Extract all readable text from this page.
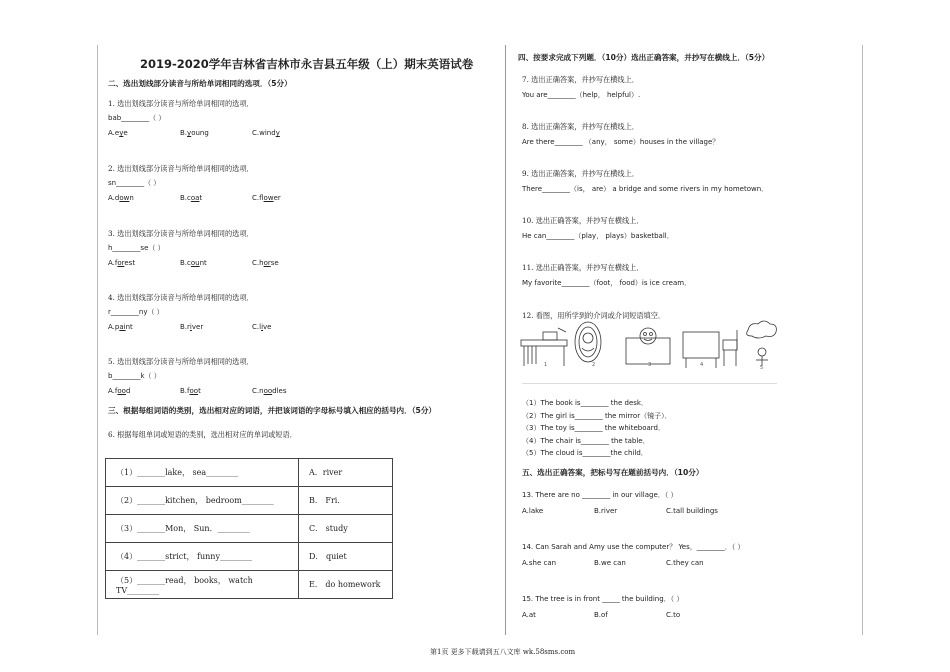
2019-2020学年吉林省吉林市永吉县五年级（上）期末英语试卷
二、选出划线部分读音与所给单词相同的选项．（5分）
1. 选出划线部分读音与所给单词相同的选项．
bab________（ ）
A.eye	B.young	C.windy
2. 选出划线部分读音与所给单词相同的选项．
sn________（ ）
A.down	B.coat	C.flower
3. 选出划线部分读音与所给单词相同的选项．
h________se（ ）
A.forest	B.count	C.horse
4. 选出划线部分读音与所给单词相同的选项．
r________ny（ ）
A.paint	B.river	C.live
5. 选出划线部分读音与所给单词相同的选项．
b________k（ ）
A.food	B.foot	C.noodles
三、根据每组词语的类别，选出相对应的词语，并把该词语的字母标号填入相应的括号内．（5分）
6. 根据每组单词或短语的类别，选出相对应的单词或短语．
（1）_______lake， sea________	A．river
（2）_______kitchen， bedroom________	B． Fri．
（3）_______Mon， Sun．________	C． study
（4）_______strict， funny________	D． quiet
（5）_______read， books， watch TV________	E． do homework
四、按要求完成下列题．（10分）选出正确答案，并抄写在横线上．（5分）
7. 选出正确答案，并抄写在横线上．
You are________（help， helpful）.
8. 选出正确答案，并抄写在横线上．
Are there________ （any， some）houses in the village？
9. 选出正确答案，并抄写在横线上．
There________（is， are） a bridge and some rivers in my hometown．
10. 选出正确答案，并抄写在横线上．
He can________（play， plays）basketball．
11. 选出正确答案，并抄写在横线上．
My favorite________（foot， food）is ice cream．
12. 看图，用所学到的介词或介词短语填空．
1	2	3	4	5
（1）The book is________ the desk．
（2）The girl is________ the mirror（镜子）．
（3）The toy is________ the whiteboard．
（4）The chair is________ the table．
（5）The cloud is________the child．
五、选出正确答案，把标号写在题前括号内．（10分）
13. There are no ________ in our village．（ ）
A.lake	B.river	C.tall buildings
14. Can Sarah and Amy use the computer？ Yes，________．（ ）
A.she can	B.we can	C.they can
15. The tree is in front _____ the building．（ ）
A.at	B.of	C.to
第1页 更多下载请到五八文库 wk.58sms.com
